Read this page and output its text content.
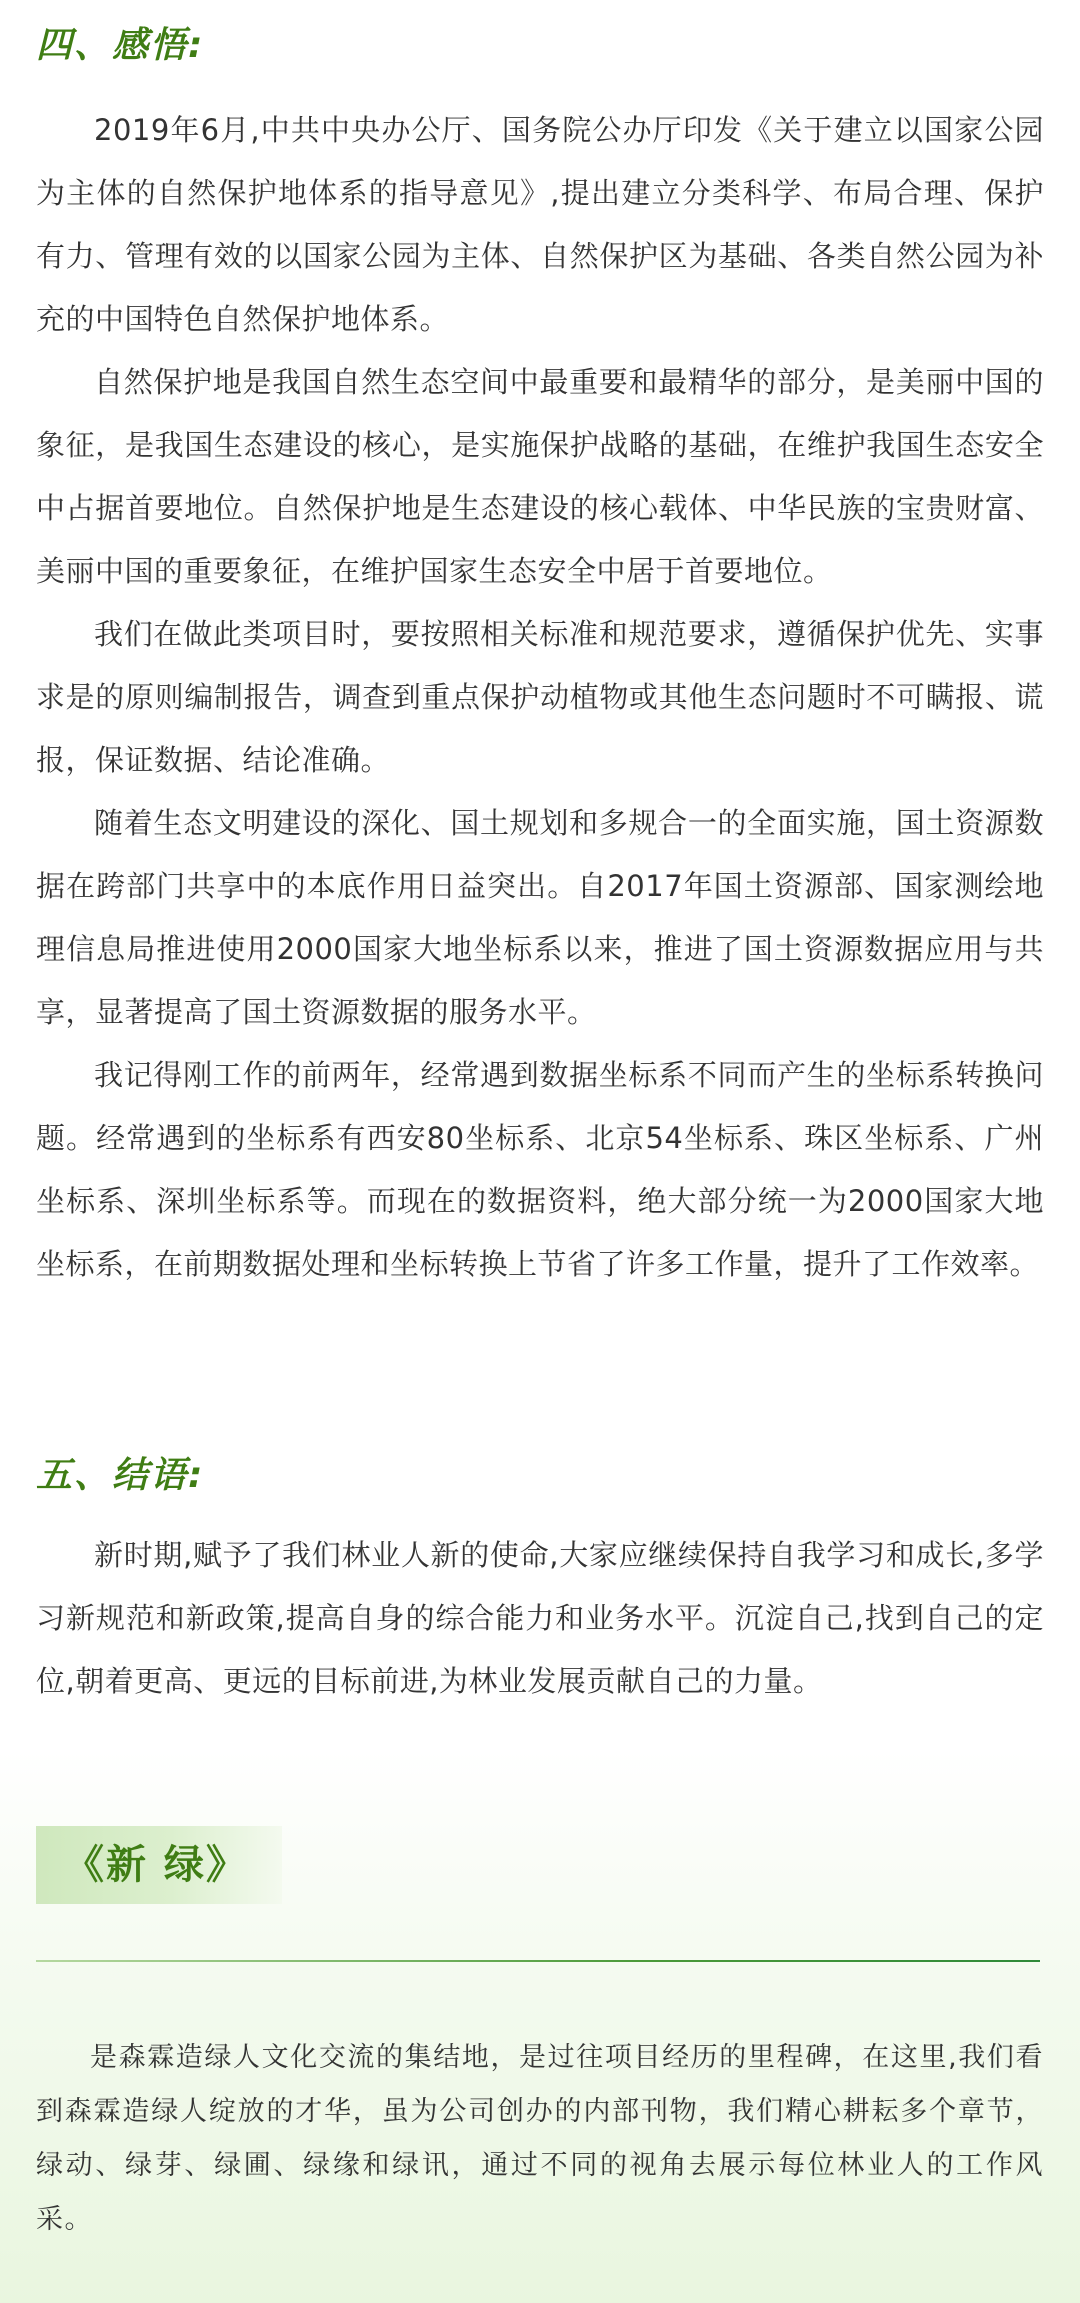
四、感悟:

2019年6月,中共中央办公厅、国务院公办厅印发《关于建立以国家公园为主体的自然保护地体系的指导意见》,提出建立分类科学、布局合理、保护有力、管理有效的以国家公园为主体、自然保护区为基础、各类自然公园为补充的中国特色自然保护地体系。

自然保护地是我国自然生态空间中最重要和最精华的部分，是美丽中国的象征，是我国生态建设的核心，是实施保护战略的基础，在维护我国生态安全中占据首要地位。自然保护地是生态建设的核心载体、中华民族的宝贵财富、美丽中国的重要象征，在维护国家生态安全中居于首要地位。

我们在做此类项目时，要按照相关标准和规范要求，遵循保护优先、实事求是的原则编制报告，调查到重点保护动植物或其他生态问题时不可瞒报、谎报，保证数据、结论准确。

随着生态文明建设的深化、国土规划和多规合一的全面实施，国土资源数据在跨部门共享中的本底作用日益突出。自2017年国土资源部、国家测绘地理信息局推进使用2000国家大地坐标系以来，推进了国土资源数据应用与共享，显著提高了国土资源数据的服务水平。

我记得刚工作的前两年，经常遇到数据坐标系不同而产生的坐标系转换问题。经常遇到的坐标系有西安80坐标系、北京54坐标系、珠区坐标系、广州坐标系、深圳坐标系等。而现在的数据资料，绝大部分统一为2000国家大地坐标系，在前期数据处理和坐标转换上节省了许多工作量，提升了工作效率。

五、结语:

新时期,赋予了我们林业人新的使命,大家应继续保持自我学习和成长,多学习新规范和新政策,提高自身的综合能力和业务水平。沉淀自己,找到自己的定位,朝着更高、更远的目标前进,为林业发展贡献自己的力量。

《新 绿》

是森霖造绿人文化交流的集结地，是过往项目经历的里程碑，在这里,我们看到森霖造绿人绽放的才华，虽为公司创办的内部刊物，我们精心耕耘多个章节，绿动、绿芽、绿圃、绿缘和绿讯，通过不同的视角去展示每位林业人的工作风采。
